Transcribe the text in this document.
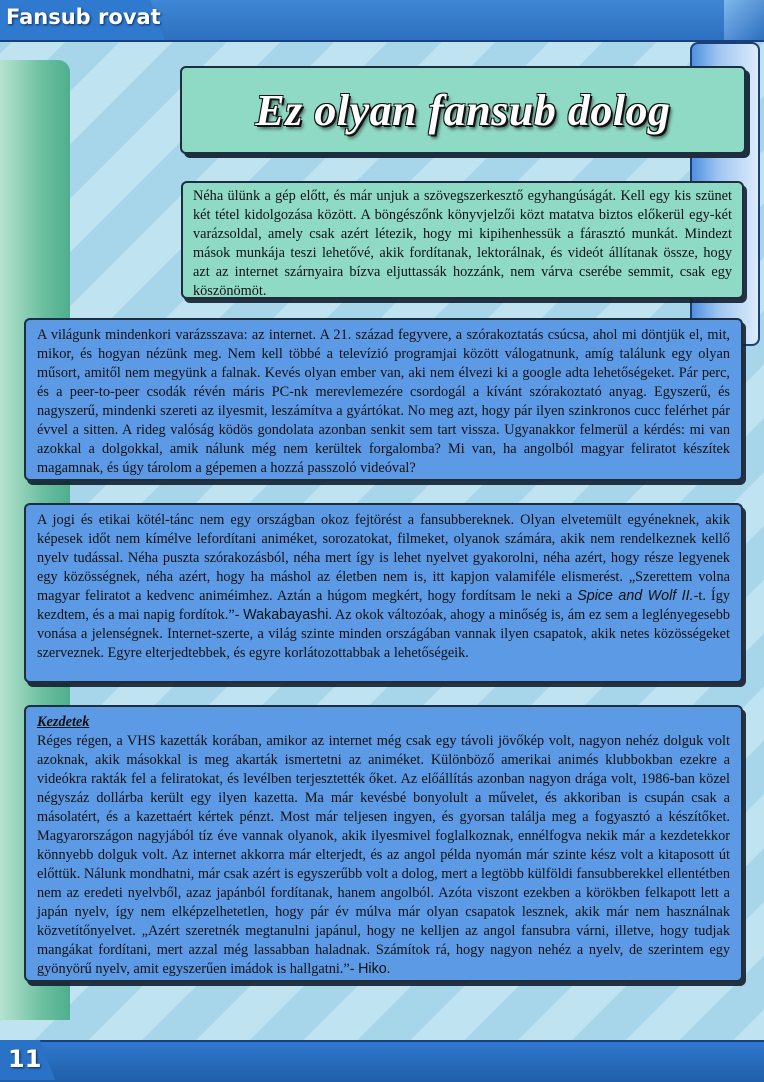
Fansub rovat
Ez olyan fansub dolog

Néha ülünk a gép előtt, és már unjuk a szövegszerkesztő egyhangúságát. Kell egy kis szünet két tétel kidolgozása között. A böngészőnk könyvjelzői közt matatva biztos előkerül egy-két varázsoldal, amely csak azért létezik, hogy mi kipihenhessük a fárasztó munkát. Mindezt mások munkája teszi lehetővé, akik fordítanak, lektorálnak, és videót állítanak össze, hogy azt az internet szárnyaira bízva eljuttassák hozzánk, nem várva cserébe semmit, csak egy köszönömöt.

A világunk mindenkori varázsszava: az internet. A 21. század fegyvere, a szórakoztatás csúcsa, ahol mi döntjük el, mit, mikor, és hogyan nézünk meg. Nem kell többé a televízió programjai között válogatnunk, amíg találunk egy olyan műsort, amitől nem megyünk a falnak. Kevés olyan ember van, aki nem élvezi ki a google adta lehetőségeket. Pár perc, és a peer-to-peer csodák révén máris PC-nk merevlemezére csordogál a kívánt szórakoztató anyag. Egyszerű, és nagyszerű, mindenki szereti az ilyesmit, leszámítva a gyártókat. No meg azt, hogy pár ilyen szinkronos cucc felérhet pár évvel a sitten. A rideg valóság ködös gondolata azonban senkit sem tart vissza. Ugyanakkor felmerül a kérdés: mi van azokkal a dolgokkal, amik nálunk még nem kerültek forgalomba? Mi van, ha angolból magyar feliratot készítek magamnak, és úgy tárolom a gépemen a hozzá passzoló videóval?

A jogi és etikai kötél-tánc nem egy országban okoz fejtörést a fansubbereknek. Olyan elvetemült egyéneknek, akik képesek időt nem kímélve lefordítani animéket, sorozatokat, filmeket, olyanok számára, akik nem rendelkeznek kellő nyelv tudással. Néha puszta szórakozásból, néha mert így is lehet nyelvet gyakorolni, néha azért, hogy része legyenek egy közösségnek, néha azért, hogy ha máshol az életben nem is, itt kapjon valamiféle elismerést. „Szerettem volna magyar feliratot a kedvenc animéimhez. Aztán a húgom megkért, hogy fordítsam le neki a Spice and Wolf II.-t. Így kezdtem, és a mai napig fordítok.”- Wakabayashi. Az okok változóak, ahogy a minőség is, ám ez sem a leglényegesebb vonása a jelenségnek. Internet-szerte, a világ szinte minden országában vannak ilyen csapatok, akik netes közösségeket szerveznek. Egyre elterjedtebbek, és egyre korlátozottabbak a lehetőségeik.

Kezdetek

Réges régen, a VHS kazetták korában, amikor az internet még csak egy távoli jövőkép volt, nagyon nehéz dolguk volt azoknak, akik másokkal is meg akarták ismertetni az animéket. Különböző amerikai animés klubbokban ezekre a videókra rakták fel a feliratokat, és levélben terjesztették őket. Az előállítás azonban nagyon drága volt, 1986-ban közel négyszáz dollárba került egy ilyen kazetta. Ma már kevésbé bonyolult a művelet, és akkoriban is csupán csak a másolatért, és a kazettaért kértek pénzt. Most már teljesen ingyen, és gyorsan találja meg a fogyasztó a készítőket. Magyarországon nagyjából tíz éve vannak olyanok, akik ilyesmivel foglalkoznak, ennélfogva nekik már a kezdetekkor könnyebb dolguk volt. Az internet akkorra már elterjedt, és az angol példa nyomán már szinte kész volt a kitaposott út előttük. Nálunk mondhatni, már csak azért is egyszerűbb volt a dolog, mert a legtöbb külföldi fansubberekkel ellentétben nem az eredeti nyelvből, azaz japánból fordítanak, hanem angolból. Azóta viszont ezekben a körökben felkapott lett a japán nyelv, így nem elképzelhetetlen, hogy pár év múlva már olyan csapatok lesznek, akik már nem használnak közvetítőnyelvet. „Azért szeretnék megtanulni japánul, hogy ne kelljen az angol fansubra várni, illetve, hogy tudjak mangákat fordítani, mert azzal még lassabban haladnak. Számítok rá, hogy nagyon nehéz a nyelv, de szerintem egy gyönyörű nyelv, amit egyszerűen imádok is hallgatni.”- Hiko.

11
